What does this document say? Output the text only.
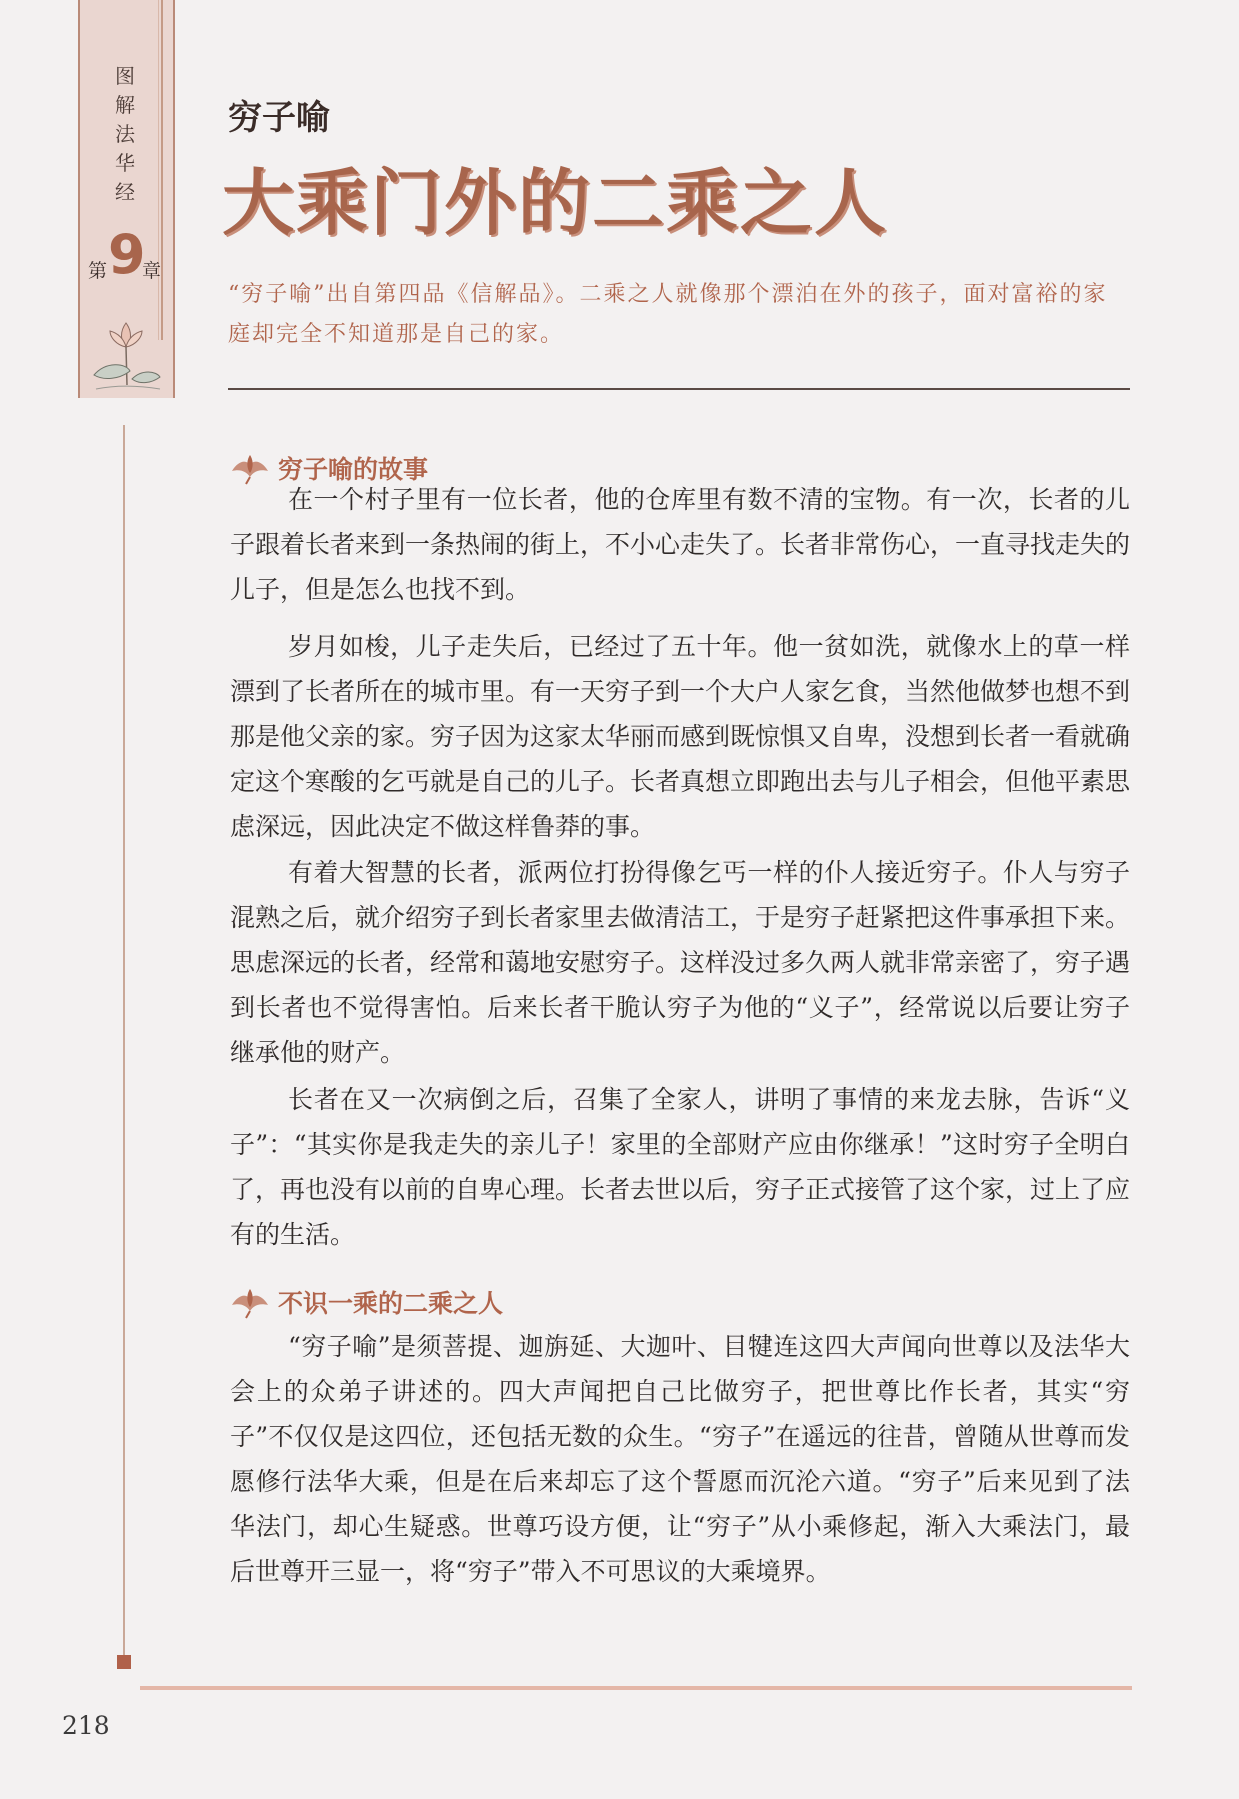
图解法华经
第 9
章
穷子喻
大乘门外的二乘之人
“穷子喻”出自第四品《信解品》。二乘之人就像那个漂泊在外的孩子，面对富裕的家庭却完全不知道那是自己的家。
穷子喻的故事

在一个村子里有一位长者，他的仓库里有数不清的宝物。有一次，长者的儿子跟着长者来到一条热闹的街上，不小心走失了。长者非常伤心，一直寻找走失的儿子，但是怎么也找不到。

岁月如梭，儿子走失后，已经过了五十年。他一贫如洗，就像水上的草一样漂到了长者所在的城市里。有一天穷子到一个大户人家乞食，当然他做梦也想不到那是他父亲的家。穷子因为这家太华丽而感到既惊惧又自卑，没想到长者一看就确定这个寒酸的乞丐就是自己的儿子。长者真想立即跑出去与儿子相会，但他平素思虑深远，因此决定不做这样鲁莽的事。

有着大智慧的长者，派两位打扮得像乞丐一样的仆人接近穷子。仆人与穷子混熟之后，就介绍穷子到长者家里去做清洁工，于是穷子赶紧把这件事承担下来。思虑深远的长者，经常和蔼地安慰穷子。这样没过多久两人就非常亲密了，穷子遇到长者也不觉得害怕。后来长者干脆认穷子为他的“义子”，经常说以后要让穷子继承他的财产。

长者在又一次病倒之后，召集了全家人，讲明了事情的来龙去脉，告诉“义子”：“其实你是我走失的亲儿子！家里的全部财产应由你继承！”这时穷子全明白了，再也没有以前的自卑心理。长者去世以后，穷子正式接管了这个家，过上了应有的生活。

不识一乘的二乘之人

“穷子喻”是须菩提、迦旃延、大迦叶、目犍连这四大声闻向世尊以及法华大会上的众弟子讲述的。四大声闻把自己比做穷子，把世尊比作长者，其实“穷子”不仅仅是这四位，还包括无数的众生。“穷子”在遥远的往昔，曾随从世尊而发愿修行法华大乘，但是在后来却忘了这个誓愿而沉沦六道。“穷子”后来见到了法华法门，却心生疑惑。世尊巧设方便，让“穷子”从小乘修起，渐入大乘法门，最后世尊开三显一，将“穷子”带入不可思议的大乘境界。

218
